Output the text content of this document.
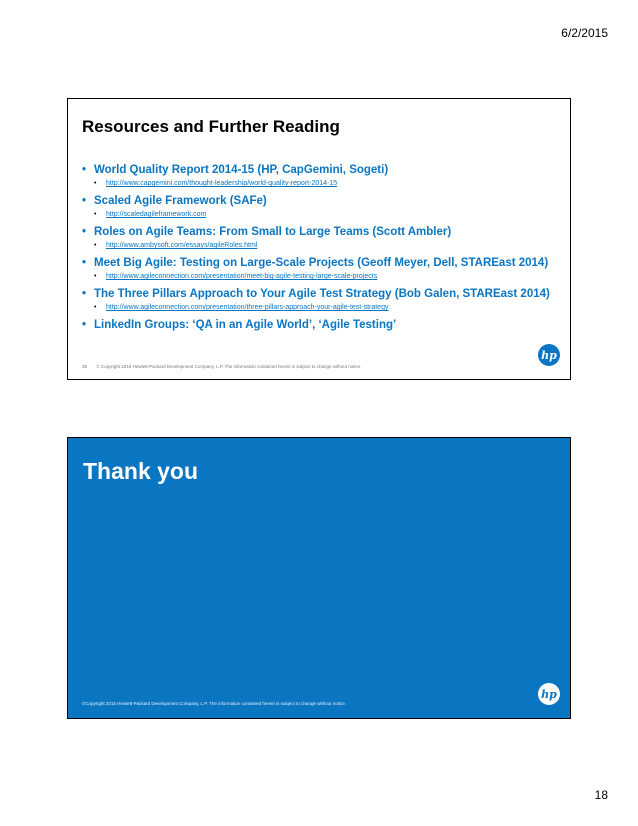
6/2/2015
Resources and Further Reading
• World Quality Report 2014-15 (HP, CapGemini, Sogeti)
• http://www.capgemini.com/thought-leadership/world-quality-report-2014-15
• Scaled Agile Framework (SAFe)
• http://scaledagileframework.com
• Roles on Agile Teams: From Small to Large Teams (Scott Ambler)
• http://www.ambysoft.com/essays/agileRoles.html
• Meet Big Agile: Testing on Large-Scale Projects (Geoff Meyer, Dell, STAREast 2014)
• http://www.agileconnection.com/presentation/meet-big-agile-testing-large-scale-projects
• The Three Pillars Approach to Your Agile Test Strategy (Bob Galen, STAREast 2014)
• http://www.agileconnection.com/presentation/three-pillars-approach-your-agile-test-strategy
• LinkedIn Groups: ‘QA in an Agile World’, ‘Agile Testing’
35 © Copyright 2015 Hewlett-Packard Development Company, L.P. The information contained herein is subject to change without notice.
hp
Thank you
©Copyright 2015 Hewlett-Packard Development Company, L.P. The information contained herein is subject to change without notice.
hp
18
